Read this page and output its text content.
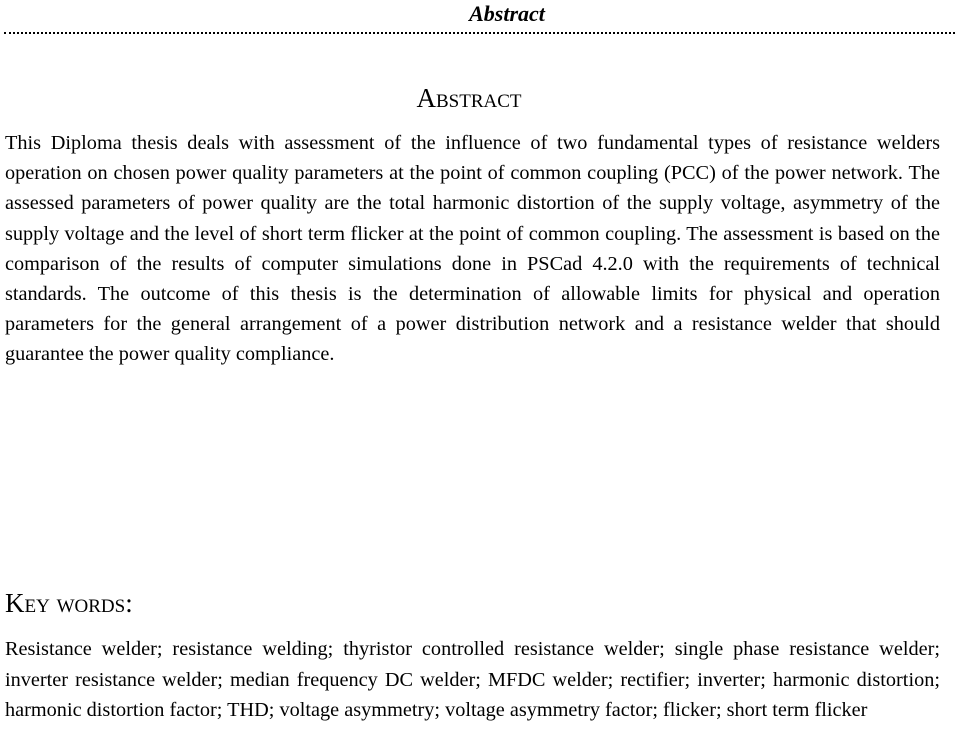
Abstract
Abstract

This Diploma thesis deals with assessment of the influence of two fundamental types of resistance welders operation on chosen power quality parameters at the point of common coupling (PCC) of the power network. The assessed parameters of power quality are the total harmonic distortion of the supply voltage, asymmetry of the supply voltage and the level of short term flicker at the point of common coupling. The assessment is based on the comparison of the results of computer simulations done in PSCad 4.2.0 with the requirements of technical standards. The outcome of this thesis is the determination of allowable limits for physical and operation parameters for the general arrangement of a power distribution network and a resistance welder that should guarantee the power quality compliance.

Key words:

Resistance welder; resistance welding; thyristor controlled resistance welder; single phase resistance welder; inverter resistance welder; median frequency DC welder; MFDC welder; rectifier; inverter; harmonic distortion; harmonic distortion factor; THD; voltage asymmetry; voltage asymmetry factor; flicker; short term flicker
